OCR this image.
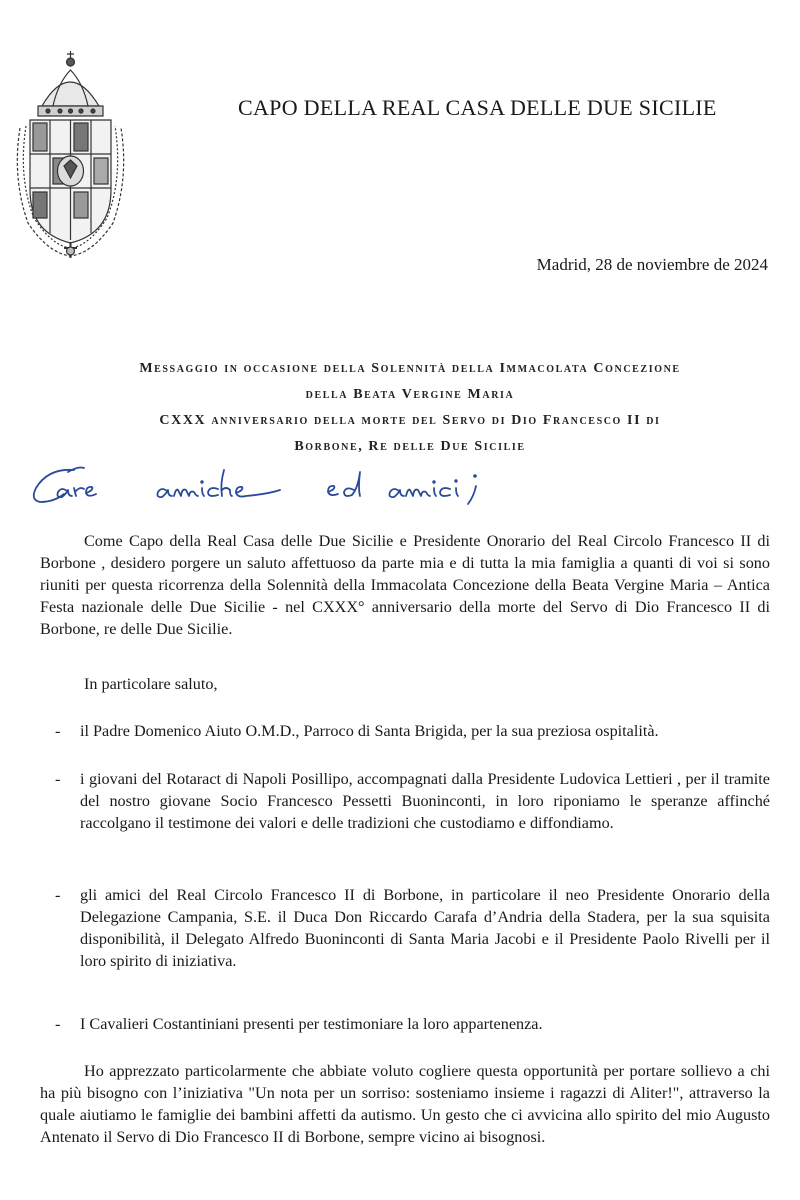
CAPO DELLA REAL CASA DELLE DUE SICILIE
Madrid, 28 de noviembre de 2024
Messaggio in occasione della Solennità della Immacolata Concezione
della Beata Vergine Maria
CXXX anniversario della morte del Servo di Dio Francesco II di
Borbone, Re delle Due Sicilie

Come Capo della Real Casa delle Due Sicilie e Presidente Onorario del Real Circolo Francesco II di Borbone , desidero porgere un saluto affettuoso da parte mia e di tutta la mia famiglia a quanti di voi si sono riuniti per questa ricorrenza della Solennità della Immacolata Concezione della Beata Vergine Maria – Antica Festa nazionale delle Due Sicilie - nel CXXX° anniversario della morte del Servo di Dio Francesco II di Borbone, re delle Due Sicilie.

In particolare saluto,
- il Padre Domenico Aiuto O.M.D., Parroco di Santa Brigida, per la sua preziosa ospitalità.
- i giovani del Rotaract di Napoli Posillipo, accompagnati dalla Presidente Ludovica Lettieri , per il tramite del nostro giovane Socio Francesco Pessetti Buoninconti, in loro riponiamo le speranze affinché raccolgano il testimone dei valori e delle tradizioni che custodiamo e diffondiamo.
- gli amici del Real Circolo Francesco II di Borbone, in particolare il neo Presidente Onorario della Delegazione Campania, S.E. il Duca Don Riccardo Carafa d’Andria della Stadera, per la sua squisita disponibilità, il Delegato Alfredo Buoninconti di Santa Maria Jacobi e il Presidente Paolo Rivelli per il loro spirito di iniziativa.
- I Cavalieri Costantiniani presenti per testimoniare la loro appartenenza.

Ho apprezzato particolarmente che abbiate voluto cogliere questa opportunità per portare sollievo a chi ha più bisogno con l’iniziativa "Un nota per un sorriso: sosteniamo insieme i ragazzi di Aliter!", attraverso la quale aiutiamo le famiglie dei bambini affetti da autismo. Un gesto che ci avvicina allo spirito del mio Augusto Antenato il Servo di Dio Francesco II di Borbone, sempre vicino ai bisognosi.
